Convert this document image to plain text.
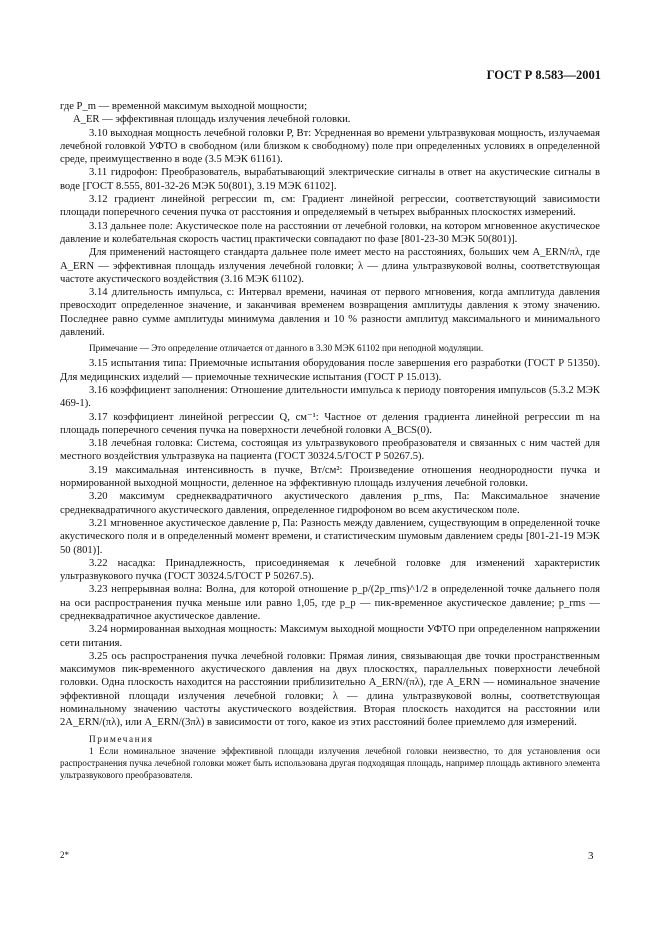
ГОСТ Р 8.583—2001

где P_m — временной максимум выходной мощности;

A_ER — эффективная площадь излучения лечебной головки.

3.10 выходная мощность лечебной головки P, Вт: Усредненная во времени ультразвуковая мощность, излучаемая лечебной головкой УФТО в свободном (или близком к свободному) поле при определенных условиях в определенной среде, преимущественно в воде (3.5 МЭК 61161).

3.11 гидрофон: Преобразователь, вырабатывающий электрические сигналы в ответ на акустические сигналы в воде [ГОСТ 8.555, 801-32-26 МЭК 50(801), 3.19 МЭК 61102].

3.12 градиент линейной регрессии m, см: Градиент линейной регрессии, соответствующий зависимости площади поперечного сечения пучка от расстояния и определяемый в четырех выбранных плоскостях измерений.

3.13 дальнее поле: Акустическое поле на расстоянии от лечебной головки, на котором мгновенное акустическое давление и колебательная скорость частиц практически совпадают по фазе [801-23-30 МЭК 50(801)].

Для применений настоящего стандарта дальнее поле имеет место на расстояниях, больших чем A_ERN/πλ, где A_ERN — эффективная площадь излучения лечебной головки; λ — длина ультразвуковой волны, соответствующая частоте акустического воздействия (3.16 МЭК 61102).

3.14 длительность импульса, с: Интервал времени, начиная от первого мгновения, когда амплитуда давления превосходит определенное значение, и заканчивая временем возвращения амплитуды давления к этому значению. Последнее равно сумме амплитуды минимума давления и 10 % разности амплитуд максимального и минимального давлений.

Примечание — Это определение отличается от данного в 3.30 МЭК 61102 при неподной модуляции.

3.15 испытания типа: Приемочные испытания оборудования после завершения его разработки (ГОСТ Р 51350). Для медицинских изделий — приемочные технические испытания (ГОСТ Р 15.013).

3.16 коэффициент заполнения: Отношение длительности импульса к периоду повторения импульсов (5.3.2 МЭК 469-1).

3.17 коэффициент линейной регрессии Q, см⁻¹: Частное от деления градиента линейной регрессии m на площадь поперечного сечения пучка на поверхности лечебной головки A_BCS(0).

3.18 лечебная головка: Система, состоящая из ультразвукового преобразователя и связанных с ним частей для местного воздействия ультразвука на пациента (ГОСТ 30324.5/ГОСТ Р 50267.5).

3.19 максимальная интенсивность в пучке, Вт/см²: Произведение отношения неоднородности пучка и нормированной выходной мощности, деленное на эффективную площадь излучения лечебной головки.

3.20 максимум среднеквадратичного акустического давления p_rms, Па: Максимальное значение среднеквадратичного акустического давления, определенное гидрофоном во всем акустическом поле.

3.21 мгновенное акустическое давление p, Па: Разность между давлением, существующим в определенной точке акустического поля и в определенный момент времени, и статистическим шумовым давлением среды [801-21-19 МЭК 50 (801)].

3.22 насадка: Принадлежность, присоединяемая к лечебной головке для изменений характеристик ультразвукового пучка (ГОСТ 30324.5/ГОСТ Р 50267.5).

3.23 непрерывная волна: Волна, для которой отношение p_p/(2p_rms)^1/2 в определенной точке дальнего поля на оси распространения пучка меньше или равно 1,05, где p_p — пик-временное акустическое давление; p_rms — среднеквадратичное акустическое давление.

3.24 нормированная выходная мощность: Максимум выходной мощности УФТО при определенном напряжении сети питания.

3.25 ось распространения пучка лечебной головки: Прямая линия, связывающая две точки пространственным максимумов пик-временного акустического давления на двух плоскостях, параллельных поверхности лечебной головки. Одна плоскость находится на расстоянии приблизительно A_ERN/(πλ), где A_ERN — номинальное значение эффективной площади излучения лечебной головки; λ — длина ультразвуковой волны, соответствующая номинальному значению частоты акустического воздействия. Вторая плоскость находится на расстоянии или 2A_ERN/(πλ), или A_ERN/(3πλ) в зависимости от того, какое из этих расстояний более приемлемо для измерений.

Примечания

1 Если номинальное значение эффективной площади излучения лечебной головки неизвестно, то для установления оси распространения пучка лечебной головки может быть использована другая подходящая площадь, например площадь активного элемента ультразвукового преобразователя.

2*	3
